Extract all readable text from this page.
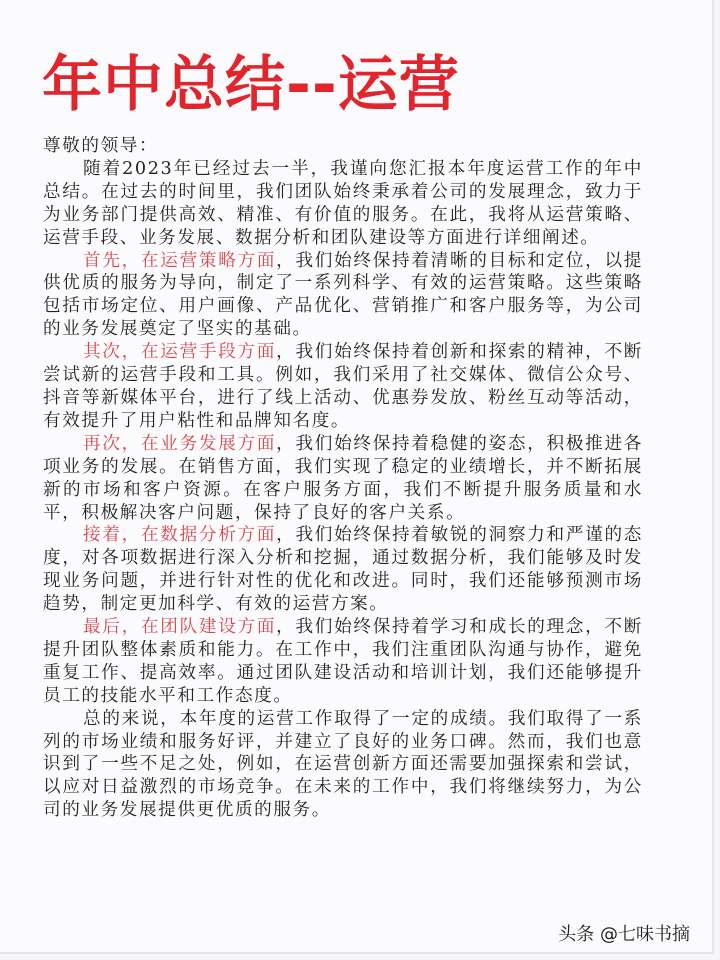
年中总结--运营

尊敬的领导：

随着2023年已经过去一半，我谨向您汇报本年度运营工作的年中总结。在过去的时间里，我们团队始终秉承着公司的发展理念，致力于为业务部门提供高效、精准、有价值的服务。在此，我将从运营策略、运营手段、业务发展、数据分析和团队建设等方面进行详细阐述。

首先，在运营策略方面，我们始终保持着清晰的目标和定位，以提供优质的服务为导向，制定了一系列科学、有效的运营策略。这些策略包括市场定位、用户画像、产品优化、营销推广和客户服务等，为公司的业务发展奠定了坚实的基础。

其次，在运营手段方面，我们始终保持着创新和探索的精神，不断尝试新的运营手段和工具。例如，我们采用了社交媒体、微信公众号、抖音等新媒体平台，进行了线上活动、优惠券发放、粉丝互动等活动，有效提升了用户粘性和品牌知名度。

再次，在业务发展方面，我们始终保持着稳健的姿态，积极推进各项业务的发展。在销售方面，我们实现了稳定的业绩增长，并不断拓展新的市场和客户资源。在客户服务方面，我们不断提升服务质量和水平，积极解决客户问题，保持了良好的客户关系。

接着，在数据分析方面，我们始终保持着敏锐的洞察力和严谨的态度，对各项数据进行深入分析和挖掘，通过数据分析，我们能够及时发现业务问题，并进行针对性的优化和改进。同时，我们还能够预测市场趋势，制定更加科学、有效的运营方案。

最后，在团队建设方面，我们始终保持着学习和成长的理念，不断提升团队整体素质和能力。在工作中，我们注重团队沟通与协作，避免重复工作、提高效率。通过团队建设活动和培训计划，我们还能够提升员工的技能水平和工作态度。

总的来说，本年度的运营工作取得了一定的成绩。我们取得了一系列的市场业绩和服务好评，并建立了良好的业务口碑。然而，我们也意识到了一些不足之处，例如，在运营创新方面还需要加强探索和尝试，以应对日益激烈的市场竞争。在未来的工作中，我们将继续努力，为公司的业务发展提供更优质的服务。

头条 @七味书摘
